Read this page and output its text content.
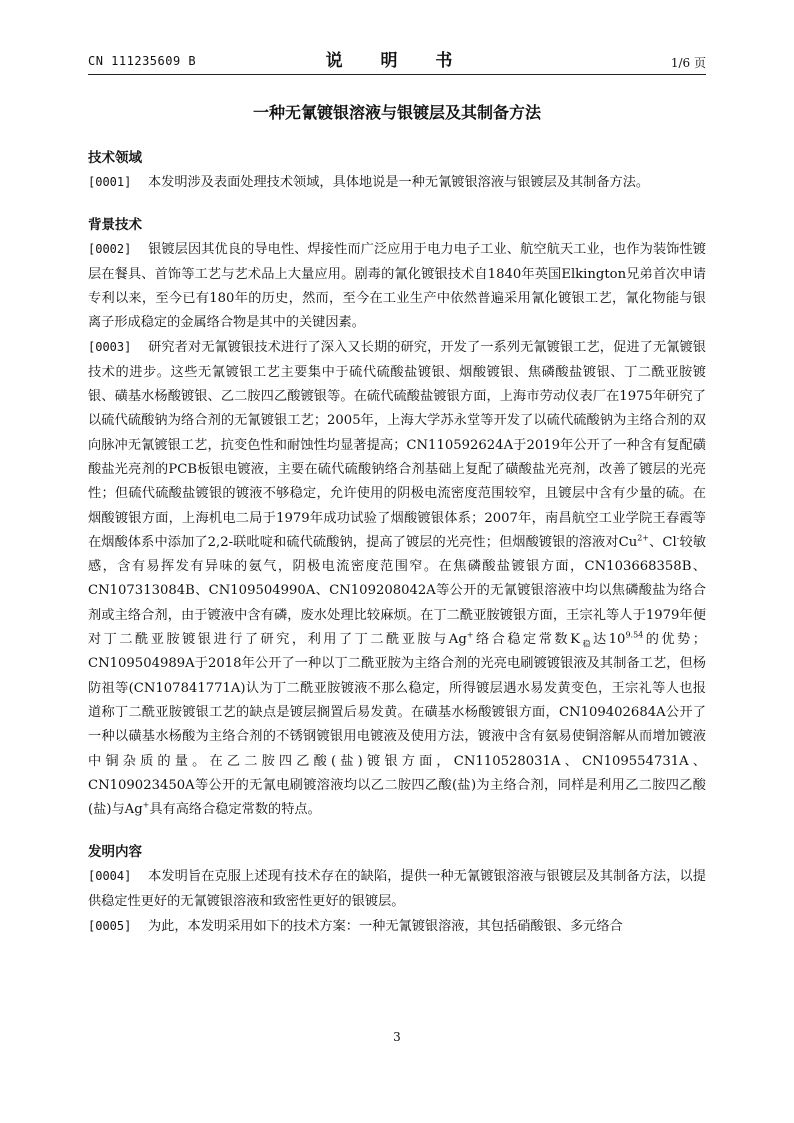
CN 111235609 B	说 明 书	1/6 页
一种无氰镀银溶液与银镀层及其制备方法
技术领域

[0001] 本发明涉及表面处理技术领域，具体地说是一种无氰镀银溶液与银镀层及其制备方法。

背景技术

[0002] 银镀层因其优良的导电性、焊接性而广泛应用于电力电子工业、航空航天工业，也作为装饰性镀层在餐具、首饰等工艺与艺术品上大量应用。剧毒的氰化镀银技术自1840年英国Elkington兄弟首次申请专利以来，至今已有180年的历史，然而，至今在工业生产中依然普遍采用氰化镀银工艺，氰化物能与银离子形成稳定的金属络合物是其中的关键因素。

[0003] 研究者对无氰镀银技术进行了深入又长期的研究，开发了一系列无氰镀银工艺，促进了无氰镀银技术的进步。这些无氰镀银工艺主要集中于硫代硫酸盐镀银、烟酸镀银、焦磷酸盐镀银、丁二酰亚胺镀银、磺基水杨酸镀银、乙二胺四乙酸镀银等。在硫代硫酸盐镀银方面，上海市劳动仪表厂在1975年研究了以硫代硫酸钠为络合剂的无氰镀银工艺；2005年，上海大学苏永堂等开发了以硫代硫酸钠为主络合剂的双向脉冲无氰镀银工艺，抗变色性和耐蚀性均显著提高；CN110592624A于2019年公开了一种含有复配磺酸盐光亮剂的PCB板银电镀液，主要在硫代硫酸钠络合剂基础上复配了磺酸盐光亮剂，改善了镀层的光亮性；但硫代硫酸盐镀银的镀液不够稳定，允许使用的阴极电流密度范围较窄，且镀层中含有少量的硫。在烟酸镀银方面，上海机电二局于1979年成功试验了烟酸镀银体系；2007年，南昌航空工业学院王春霞等在烟酸体系中添加了2,2-联吡啶和硫代硫酸钠，提高了镀层的光亮性；但烟酸镀银的溶液对$Cu^{2+}$、Cl-较敏感，含有易挥发有异味的氨气，阴极电流密度范围窄。在焦磷酸盐镀银方面，CN103668358B、CN107313084B、CN109504990A、CN109208042A等公开的无氰镀银溶液中均以焦磷酸盐为络合剂或主络合剂，由于镀液中含有磷，废水处理比较麻烦。在丁二酰亚胺镀银方面，王宗礼等人于1979年便对丁二酰亚胺镀银进行了研究，利用了丁二酰亚胺与Ag+络合稳定常数$K_稳$达$10^{9.54}$的优势；CN109504989A于2018年公开了一种以丁二酰亚胺为主络合剂的光亮电刷镀镀银液及其制备工艺，但杨防祖等(CN107841771A)认为丁二酰亚胺镀液不那么稳定，所得镀层遇水易发黄变色，王宗礼等人也报道称丁二酰亚胺镀银工艺的缺点是镀层搁置后易发黄。在磺基水杨酸镀银方面，CN109402684A公开了一种以磺基水杨酸为主络合剂的不锈钢镀银用电镀液及使用方法，镀液中含有氨易使铜溶解从而增加镀液中铜杂质的量。在乙二胺四乙酸(盐)镀银方面，CN110528031A、CN109554731A、CN109023450A等公开的无氰电刷镀溶液均以乙二胺四乙酸(盐)为主络合剂，同样是利用乙二胺四乙酸(盐)与Ag+具有高络合稳定常数的特点。

发明内容

[0004] 本发明旨在克服上述现有技术存在的缺陷，提供一种无氰镀银溶液与银镀层及其制备方法，以提供稳定性更好的无氰镀银溶液和致密性更好的银镀层。

[0005] 为此，本发明采用如下的技术方案：一种无氰镀银溶液，其包括硝酸银、多元络合

3
